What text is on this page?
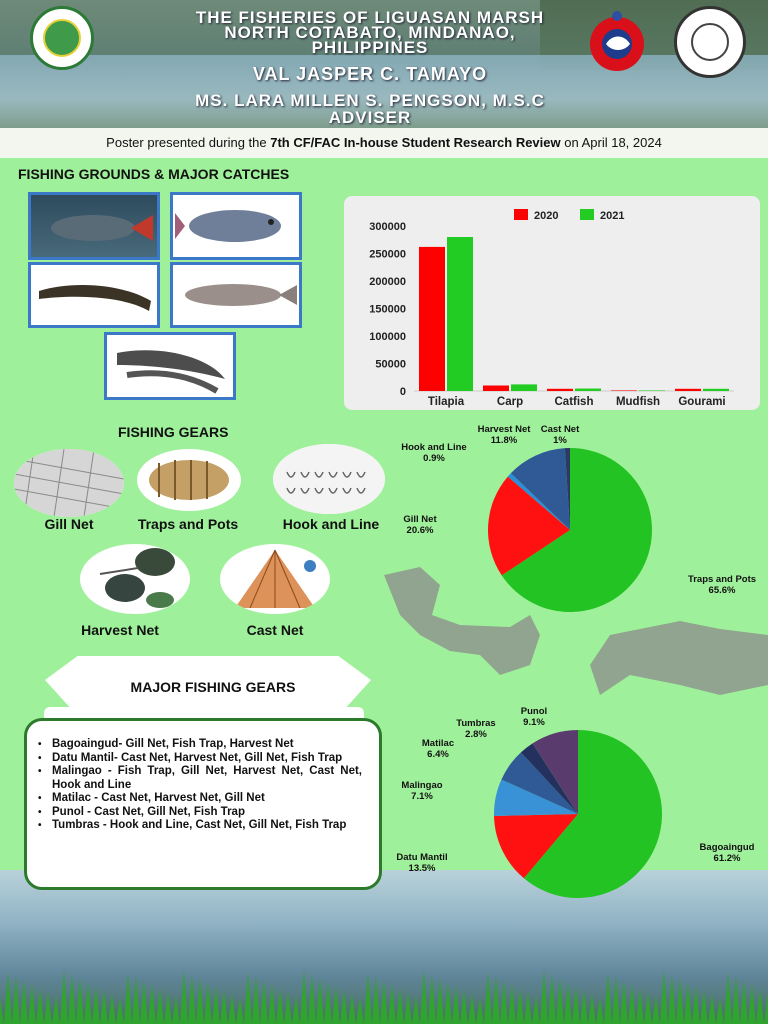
THE FISHERIES OF LIGUASAN MARSH
NORTH COTABATO, MINDANAO,
PHILIPPINES
VAL JASPER C. TAMAYO
MS. LARA MILLEN S. PENGSON, M.S.C
ADVISER

Poster presented during the 7th CF/FAC In-house Student Research Review on April 18, 2024

FISHING GROUNDS & MAJOR CATCHES
0
50000
100000
150000
200000
250000
300000
Tilapia	Carp	Catfish Mudfish Gourami
2020	2021
FISHING GEARS
Gill Net	Traps and Pots	Hook and Line
Harvest Net	Cast Net
Traps and Pots
65.6%
Gill Net
20.6%
Hook and Line
0.9%
Harvest Net
11.8%
Cast Net
1%
MAJOR FISHING GEARS
• Bagoaingud- Gill Net, Fish Trap, Harvest Net
• Datu Mantil- Cast Net, Harvest Net, Gill Net, Fish Trap
• Malingao - Fish Trap, Gill Net, Harvest Net, Cast Net, Hook and Line
• Matilac - Cast Net, Harvest Net, Gill Net
• Punol - Cast Net, Gill Net, Fish Trap
• Tumbras - Hook and Line, Cast Net, Gill Net, Fish Trap
Bagoaingud
61.2%
Datu Mantil
13.5%
Malingao
7.1%
Matilac
6.4%
Tumbras
2.8%
Punol
9.1%
